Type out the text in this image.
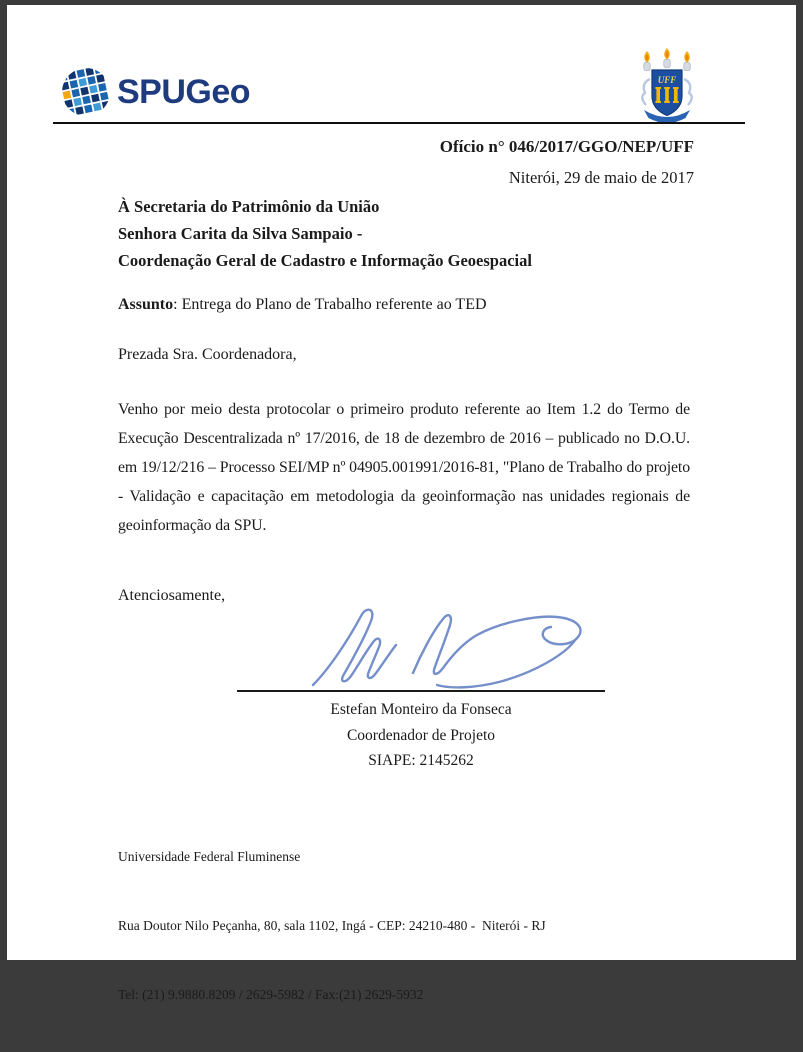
SPUGeo	UFF
Ofício n° 046/2017/GGO/NEP/UFF
Niterói, 29 de maio de 2017
À Secretaria do Patrimônio da União
Senhora Carita da Silva Sampaio -
Coordenação Geral de Cadastro e Informação Geoespacial
Assunto: Entrega do Plano de Trabalho referente ao TED
Prezada Sra. Coordenadora,
Venho por meio desta protocolar o primeiro produto referente ao Item 1.2 do Termo de Execução Descentralizada nº 17/2016, de 18 de dezembro de 2016 – publicado no D.O.U. em 19/12/216 – Processo SEI/MP nº 04905.001991/2016-81, "Plano de Trabalho do projeto - Validação e capacitação em metodologia da geoinformação nas unidades regionais de geoinformação da SPU.
Atenciosamente,
Estefan Monteiro da Fonseca
Coordenador de Projeto
SIAPE: 2145262

Universidade Federal Fluminense

Rua Doutor Nilo Peçanha, 80, sala 1102, Ingá - CEP: 24210-480 -  Niterói - RJ

Tel: (21) 9.9880.8209 / 2629-5982 / Fax:(21) 2629-5932
